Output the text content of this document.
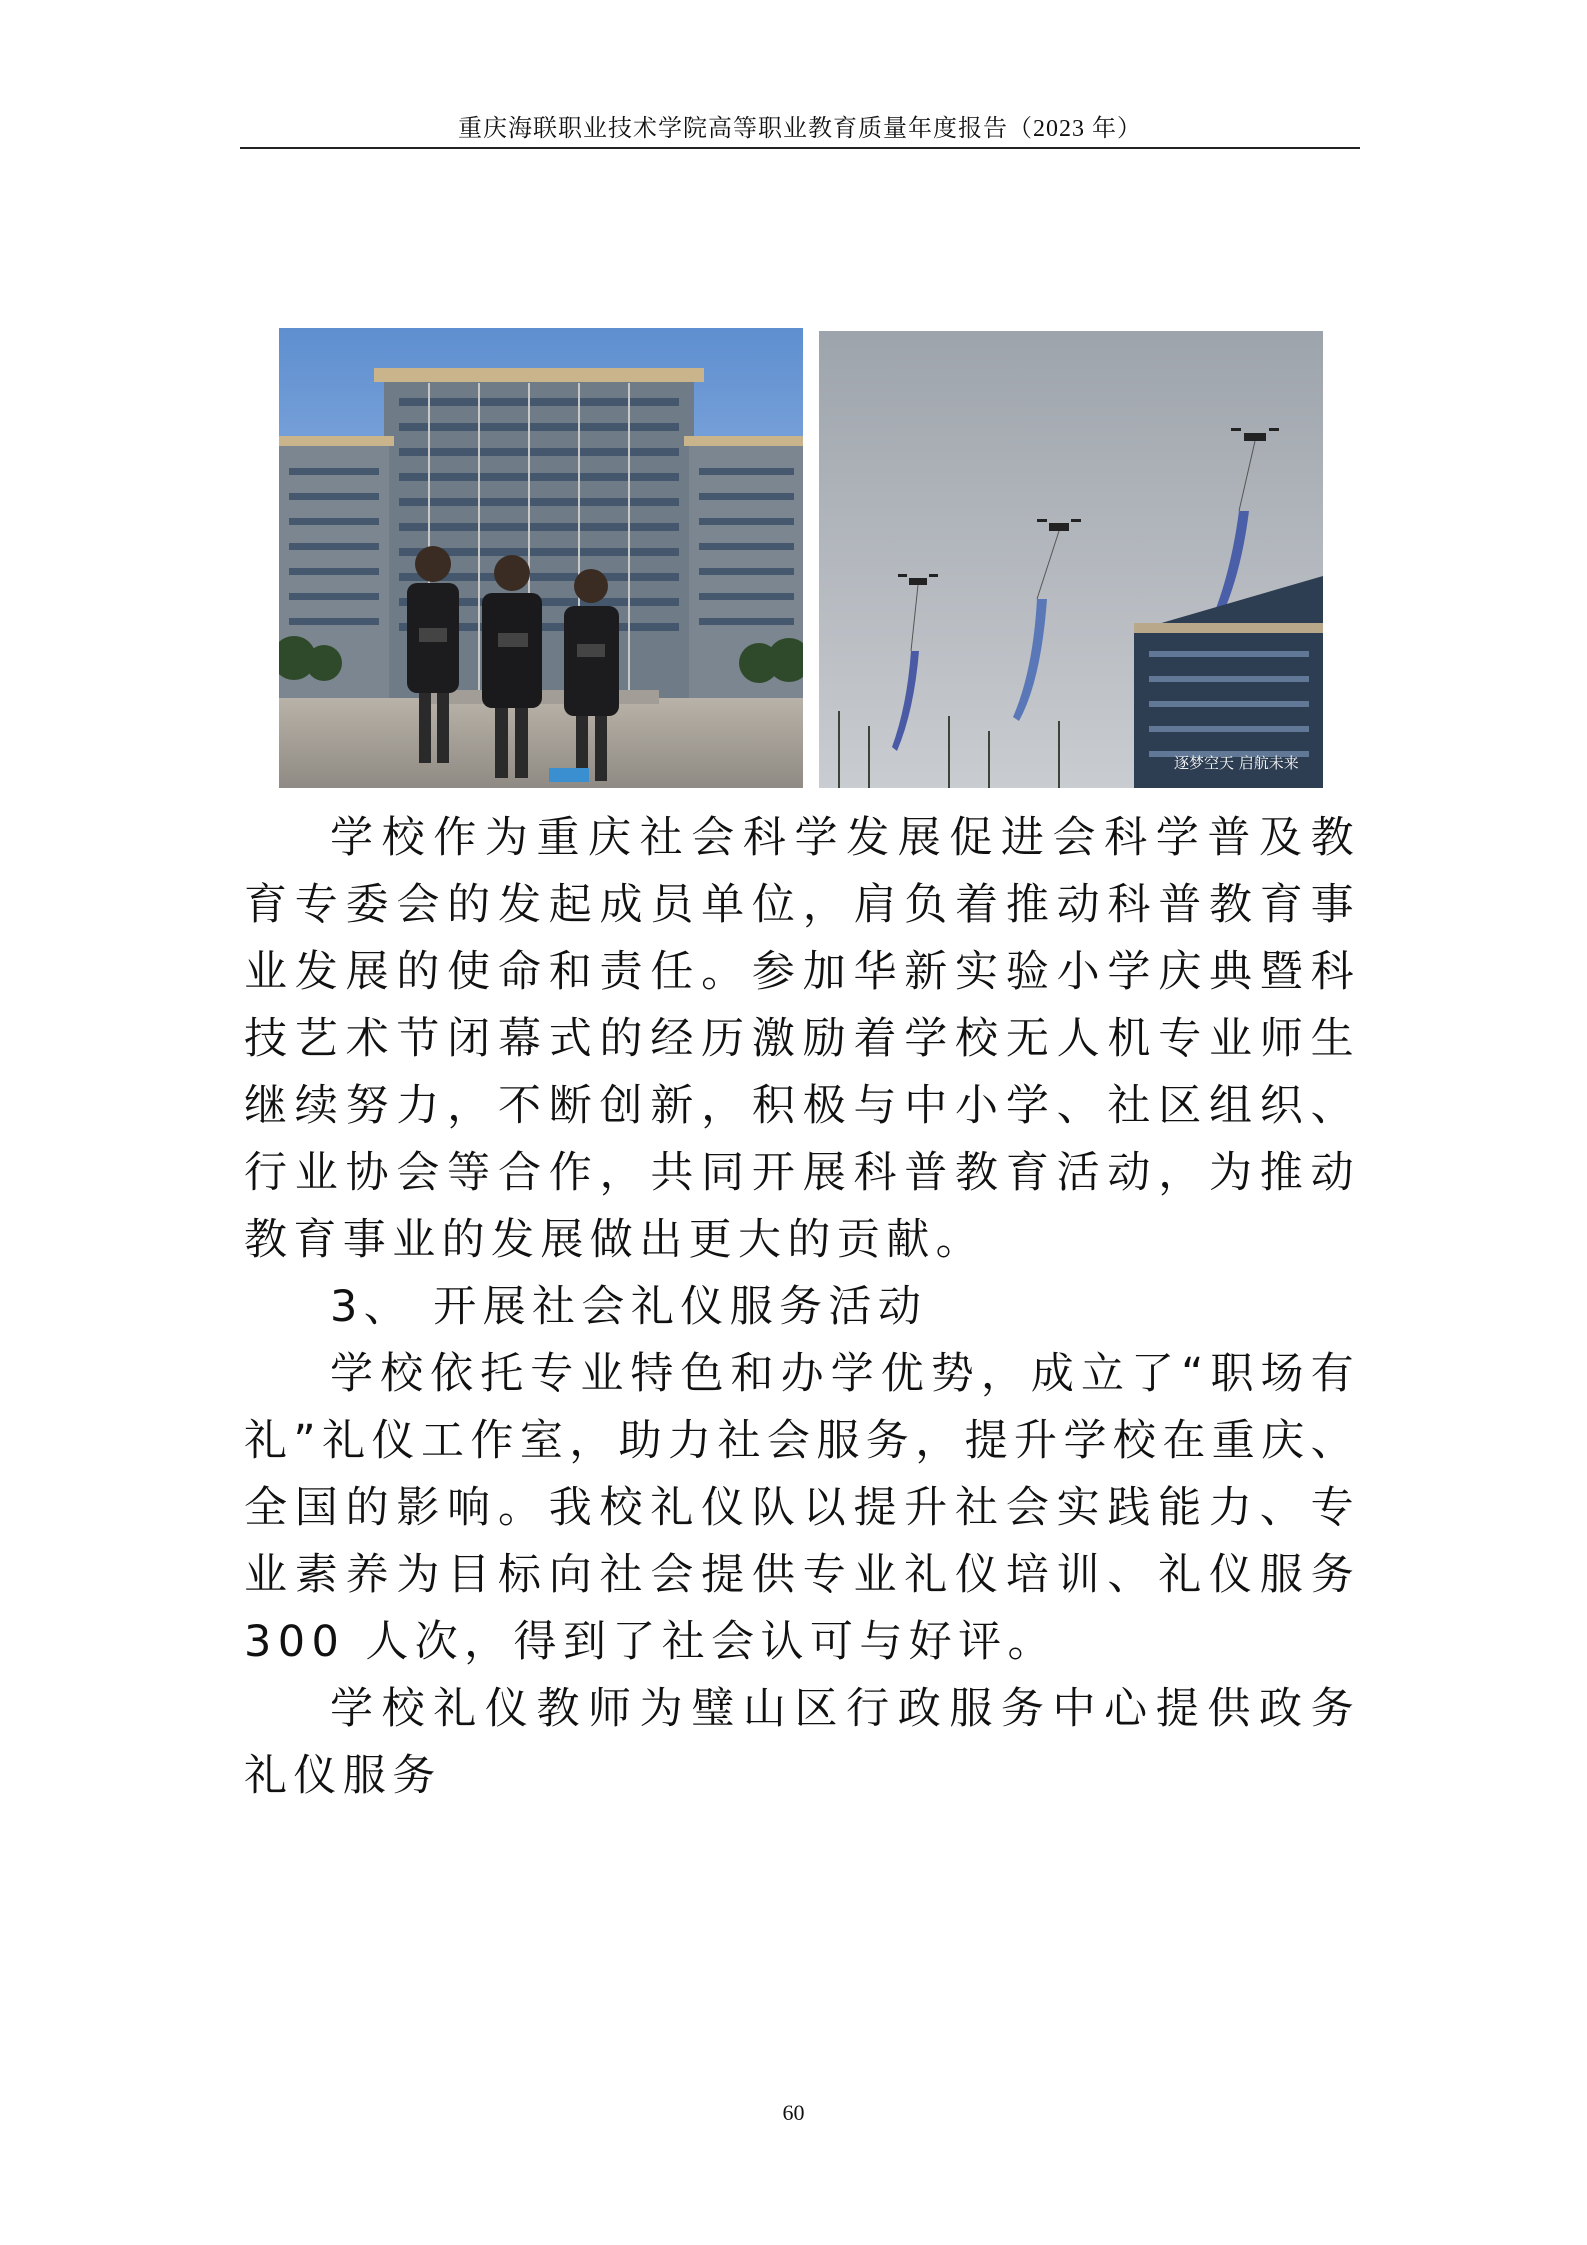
重庆海联职业技术学院高等职业教育质量年度报告（2023 年）
逐梦空天 启航未来

学校作为重庆社会科学发展促进会科学普及教育专委会的发起成员单位，肩负着推动科普教育事业发展的使命和责任。参加华新实验小学庆典暨科技艺术节闭幕式的经历激励着学校无人机专业师生继续努力，不断创新，积极与中小学、社区组织、行业协会等合作，共同开展科普教育活动，为推动教育事业的发展做出更大的贡献。

3、 开展社会礼仪服务活动

学校依托专业特色和办学优势，成立了“职场有礼”礼仪工作室，助力社会服务，提升学校在重庆、全国的影响。我校礼仪队以提升社会实践能力、专业素养为目标向社会提供专业礼仪培训、礼仪服务 300 人次，得到了社会认可与好评。

学校礼仪教师为璧山区行政服务中心提供政务礼仪服务

60
